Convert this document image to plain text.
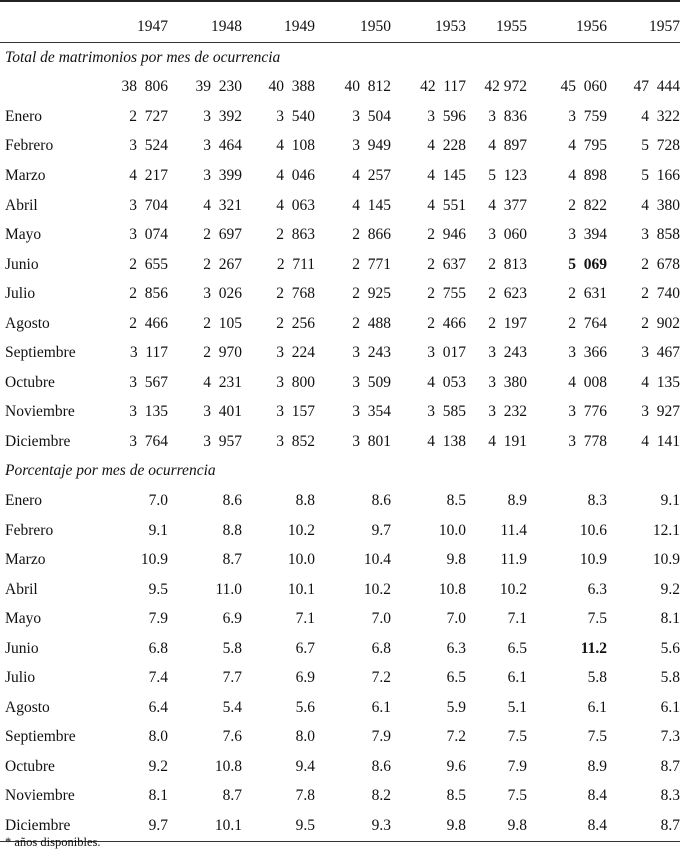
	1947	1948	1949	1950	1953	1955	1956	1957
Total de matrimonios por mes de ocurrencia								
	38  806	39  230	40  388	40  812	42  117	42 972	45  060	47  444
Enero	2  727	3  392	3  540	3  504	3  596	3  836	3  759	4  322
Febrero	3  524	3  464	4  108	3  949	4  228	4  897	4  795	5  728
Marzo	4  217	3  399	4  046	4  257	4  145	5  123	4  898	5  166
Abril	3  704	4  321	4  063	4  145	4  551	4  377	2  822	4  380
Mayo	3  074	2  697	2  863	2  866	2  946	3  060	3  394	3  858
Junio	2  655	2  267	2  711	2  771	2  637	2  813	5  069	2  678
Julio	2  856	3  026	2  768	2  925	2  755	2  623	2  631	2  740
Agosto	2  466	2  105	2  256	2  488	2  466	2  197	2  764	2  902
Septiembre	3  117	2  970	3  224	3  243	3  017	3  243	3  366	3  467
Octubre	3  567	4  231	3  800	3  509	4  053	3  380	4  008	4  135
Noviembre	3  135	3  401	3  157	3  354	3  585	3  232	3  776	3  927
Diciembre	3  764	3  957	3  852	3  801	4  138	4  191	3  778	4  141
Porcentaje por mes de ocurrencia								
Enero	7.0	8.6	8.8	8.6	8.5	8.9	8.3	9.1
Febrero	9.1	8.8	10.2	9.7	10.0	11.4	10.6	12.1
Marzo	10.9	8.7	10.0	10.4	9.8	11.9	10.9	10.9
Abril	9.5	11.0	10.1	10.2	10.8	10.2	6.3	9.2
Mayo	7.9	6.9	7.1	7.0	7.0	7.1	7.5	8.1
Junio	6.8	5.8	6.7	6.8	6.3	6.5	11.2	5.6
Julio	7.4	7.7	6.9	7.2	6.5	6.1	5.8	5.8
Agosto	6.4	5.4	5.6	6.1	5.9	5.1	6.1	6.1
Septiembre	8.0	7.6	8.0	7.9	7.2	7.5	7.5	7.3
Octubre	9.2	10.8	9.4	8.6	9.6	7.9	8.9	8.7
Noviembre	8.1	8.7	7.8	8.2	8.5	7.5	8.4	8.3
Diciembre	9.7	10.1	9.5	9.3	9.8	9.8	8.4	8.7
* años disponibles.
